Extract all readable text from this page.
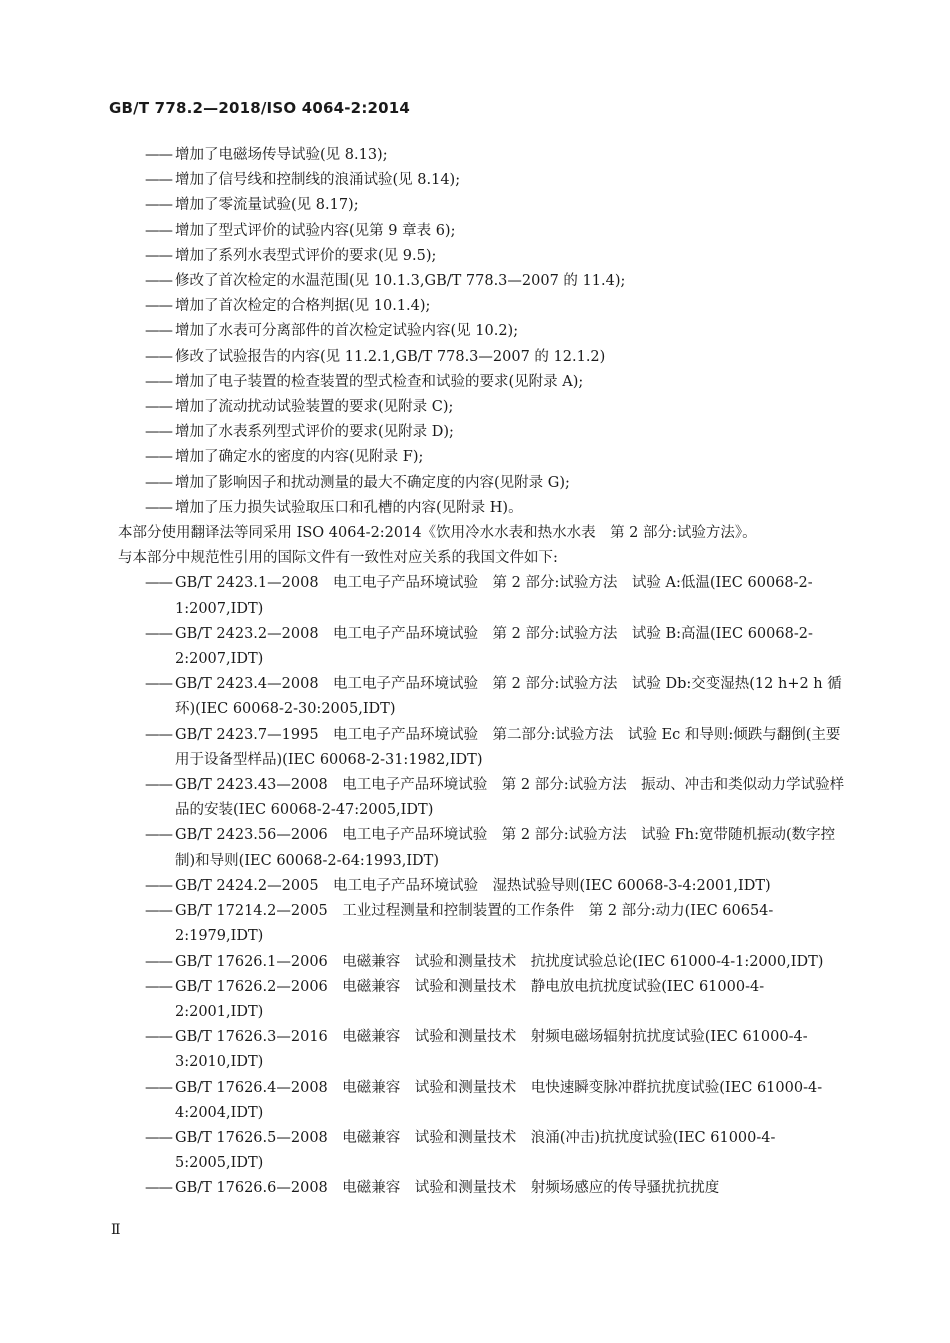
GB/T 778.2—2018/ISO 4064-2:2014
—— 增加了电磁场传导试验(见 8.13);
—— 增加了信号线和控制线的浪涌试验(见 8.14);
—— 增加了零流量试验(见 8.17);
—— 增加了型式评价的试验内容(见第 9 章表 6);
—— 增加了系列水表型式评价的要求(见 9.5);
—— 修改了首次检定的水温范围(见 10.1.3,GB/T 778.3—2007 的 11.4);
—— 增加了首次检定的合格判据(见 10.1.4);
—— 增加了水表可分离部件的首次检定试验内容(见 10.2);
—— 修改了试验报告的内容(见 11.2.1,GB/T 778.3—2007 的 12.1.2)
—— 增加了电子装置的检查装置的型式检查和试验的要求(见附录 A);
—— 增加了流动扰动试验装置的要求(见附录 C);
—— 增加了水表系列型式评价的要求(见附录 D);
—— 增加了确定水的密度的内容(见附录 F);
—— 增加了影响因子和扰动测量的最大不确定度的内容(见附录 G);
—— 增加了压力损失试验取压口和孔槽的内容(见附录 H)。
本部分使用翻译法等同采用 ISO 4064-2:2014《饮用冷水水表和热水水表　第 2 部分:试验方法》。
与本部分中规范性引用的国际文件有一致性对应关系的我国文件如下:
—— GB/T 2423.1—2008　电工电子产品环境试验　第 2 部分:试验方法　试验 A:低温(IEC 60068-2-1:2007,IDT)
—— GB/T 2423.2—2008　电工电子产品环境试验　第 2 部分:试验方法　试验 B:高温(IEC 60068-2-2:2007,IDT)
—— GB/T 2423.4—2008　电工电子产品环境试验　第 2 部分:试验方法　试验 Db:交变湿热(12 h+2 h 循环)(IEC 60068-2-30:2005,IDT)
—— GB/T 2423.7—1995　电工电子产品环境试验　第二部分:试验方法　试验 Ec 和导则:倾跌与翻倒(主要用于设备型样品)(IEC 60068-2-31:1982,IDT)
—— GB/T 2423.43—2008　电工电子产品环境试验　第 2 部分:试验方法　振动、冲击和类似动力学试验样品的安装(IEC 60068-2-47:2005,IDT)
—— GB/T 2423.56—2006　电工电子产品环境试验　第 2 部分:试验方法　试验 Fh:宽带随机振动(数字控制)和导则(IEC 60068-2-64:1993,IDT)
—— GB/T 2424.2—2005　电工电子产品环境试验　湿热试验导则(IEC 60068-3-4:2001,IDT)
—— GB/T 17214.2—2005　工业过程测量和控制装置的工作条件　第 2 部分:动力(IEC 60654-2:1979,IDT)
—— GB/T 17626.1—2006　电磁兼容　试验和测量技术　抗扰度试验总论(IEC 61000-4-1:2000,IDT)
—— GB/T 17626.2—2006　电磁兼容　试验和测量技术　静电放电抗扰度试验(IEC 61000-4-2:2001,IDT)
—— GB/T 17626.3—2016　电磁兼容　试验和测量技术　射频电磁场辐射抗扰度试验(IEC 61000-4-3:2010,IDT)
—— GB/T 17626.4—2008　电磁兼容　试验和测量技术　电快速瞬变脉冲群抗扰度试验(IEC 61000-4-4:2004,IDT)
—— GB/T 17626.5—2008　电磁兼容　试验和测量技术　浪涌(冲击)抗扰度试验(IEC 61000-4-5:2005,IDT)
—— GB/T 17626.6—2008　电磁兼容　试验和测量技术　射频场感应的传导骚扰抗扰度
Ⅱ
